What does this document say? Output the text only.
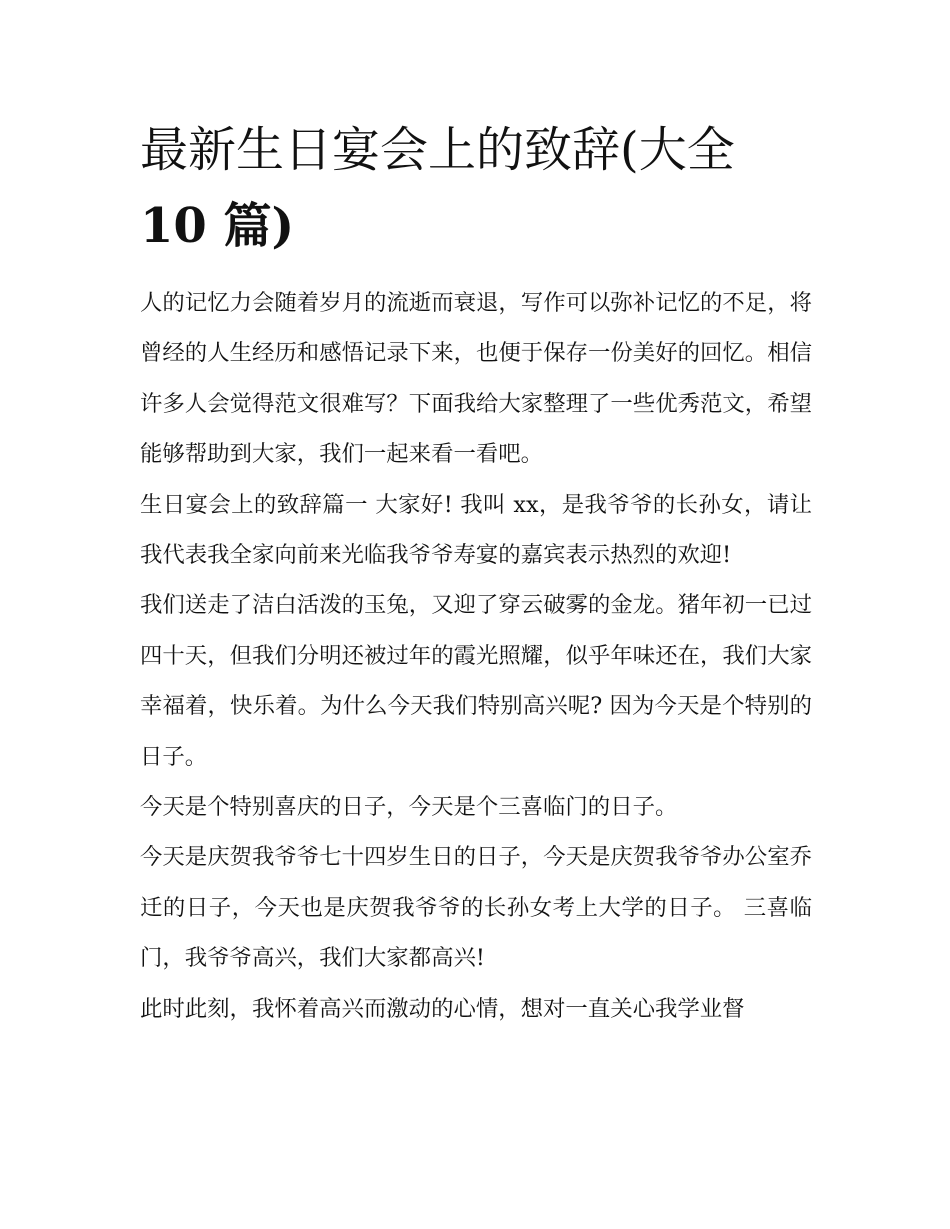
最新生日宴会上的致辞(大全
10 篇)

人的记忆力会随着岁月的流逝而衰退，写作可以弥补记忆的不足，将曾经的人生经历和感悟记录下来，也便于保存一份美好的回忆。相信许多人会觉得范文很难写？下面我给大家整理了一些优秀范文，希望能够帮助到大家，我们一起来看一看吧。

生日宴会上的致辞篇一 大家好! 我叫 xx，是我爷爷的长孙女，请让我代表我全家向前来光临我爷爷寿宴的嘉宾表示热烈的欢迎!

我们送走了洁白活泼的玉兔，又迎了穿云破雾的金龙。猪年初一已过四十天，但我们分明还被过年的霞光照耀，似乎年味还在，我们大家幸福着，快乐着。为什么今天我们特别高兴呢? 因为今天是个特别的日子。

今天是个特别喜庆的日子，今天是个三喜临门的日子。

今天是庆贺我爷爷七十四岁生日的日子，今天是庆贺我爷爷办公室乔迁的日子，今天也是庆贺我爷爷的长孙女考上大学的日子。 三喜临门，我爷爷高兴，我们大家都高兴!

此时此刻，我怀着高兴而激动的心情，想对一直关心我学业督
